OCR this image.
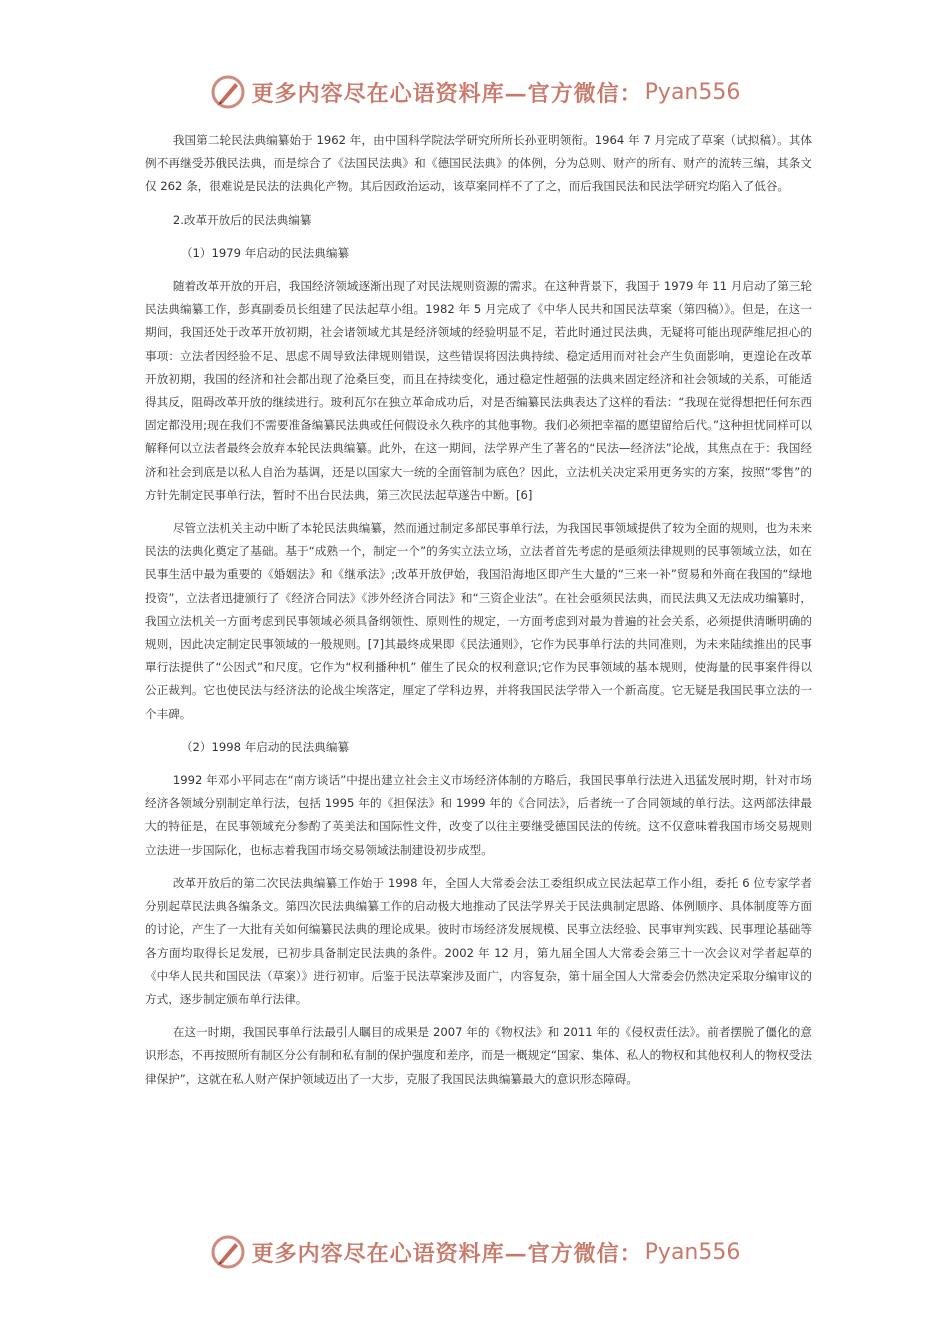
更多内容尽在心语资料库—官方微信： Pyan556

我国第二轮民法典编纂始于 1962 年，由中国科学院法学研究所所长孙亚明领衔。1964 年 7 月完成了草案（试拟稿）。其体例不再继受苏俄民法典，而是综合了《法国民法典》和《德国民法典》的体例，分为总则、财产的所有、财产的流转三编，其条文仅 262 条，很难说是民法的法典化产物。其后因政治运动，该草案同样不了了之，而后我国民法和民法学研究均陷入了低谷。

2.改革开放后的民法典编纂

（1）1979 年启动的民法典编纂

随着改革开放的开启，我国经济领域逐渐出现了对民法规则资源的需求。在这种背景下，我国于 1979 年 11 月启动了第三轮民法典编纂工作，彭真副委员长组建了民法起草小组。1982 年 5 月完成了《中华人民共和国民法草案（第四稿）》。但是，在这一期间，我国还处于改革开放初期，社会诸领域尤其是经济领域的经验明显不足，若此时通过民法典，无疑将可能出现萨维尼担心的事项：立法者因经验不足、思虑不周导致法律规则错误，这些错误将因法典持续、稳定适用而对社会产生负面影响，更遑论在改革开放初期，我国的经济和社会都出现了沧桑巨变，而且在持续变化，通过稳定性超强的法典来固定经济和社会领域的关系，可能适得其反，阻碍改革开放的继续进行。玻利瓦尔在独立革命成功后，对是否编纂民法典表达了这样的看法：“我现在觉得想把任何东西固定都没用;现在我们不需要准备编纂民法典或任何假设永久秩序的其他事物。我们必须把幸福的愿望留给后代。”这种担忧同样可以解释何以立法者最终会放弃本轮民法典编纂。此外，在这一期间，法学界产生了著名的“民法—经济法”论战，其焦点在于：我国经济和社会到底是以私人自治为基调，还是以国家大一统的全面管制为底色？因此，立法机关决定采用更务实的方案，按照“零售”的方针先制定民事单行法，暂时不出台民法典，第三次民法起草遂告中断。[6]

尽管立法机关主动中断了本轮民法典编纂，然而通过制定多部民事单行法，为我国民事领域提供了较为全面的规则，也为未来民法的法典化奠定了基础。基于“成熟一个，制定一个”的务实立法立场，立法者首先考虑的是亟须法律规则的民事领域立法，如在民事生活中最为重要的《婚姻法》和《继承法》;改革开放伊始，我国沿海地区即产生大量的“三来一补”贸易和外商在我国的“绿地投资”，立法者迅捷颁行了《经济合同法》《涉外经济合同法》和“三资企业法”。在社会亟须民法典，而民法典又无法成功编纂时，我国立法机关一方面考虑到民事领域必须具备纲领性、原则性的规定，一方面考虑到对最为普遍的社会关系，必须提供清晰明确的规则，因此决定制定民事领域的一般规则。[7]其最终成果即《民法通则》，它作为民事单行法的共同准则，为未来陆续推出的民事單行法提供了“公因式”和尺度。它作为“权利播种机” 催生了民众的权利意识;它作为民事领域的基本规则，使海量的民事案件得以公正裁判。它也使民法与经济法的论战尘埃落定，厘定了学科边界，并将我国民法学带入一个新高度。它无疑是我国民事立法的一个丰碑。

（2）1998 年启动的民法典编纂

1992 年邓小平同志在“南方谈话”中提出建立社会主义市场经济体制的方略后，我国民事单行法进入迅猛发展时期，针对市场经济各领域分别制定单行法，包括 1995 年的《担保法》和 1999 年的《合同法》，后者统一了合同领域的单行法。这两部法律最大的特征是，在民事领域充分参酌了英美法和国际性文件，改变了以往主要继受德国民法的传统。这不仅意味着我国市场交易规则立法进一步国际化，也标志着我国市场交易领域法制建设初步成型。

改革开放后的第二次民法典编纂工作始于 1998 年，全国人大常委会法工委组织成立民法起草工作小组，委托 6 位专家学者分别起草民法典各编条文。第四次民法典编纂工作的启动极大地推动了民法学界关于民法典制定思路、体例顺序、具体制度等方面的讨论，产生了一大批有关如何编纂民法典的理论成果。彼时市场经济发展规模、民事立法经验、民事审判实践、民事理论基础等各方面均取得长足发展，已初步具备制定民法典的条件。2002 年 12 月，第九届全国人大常委会第三十一次会议对学者起草的《中华人民共和国民法（草案）》进行初审。后鉴于民法草案涉及面广，内容复杂，第十届全国人大常委会仍然决定采取分编审议的方式，逐步制定颁布单行法律。

在这一时期，我国民事单行法最引人瞩目的成果是 2007 年的《物权法》和 2011 年的《侵权责任法》。前者摆脱了僵化的意识形态，不再按照所有制区分公有制和私有制的保护强度和差序，而是一概规定“国家、集体、私人的物权和其他权利人的物权受法律保护”，这就在私人财产保护领域迈出了一大步，克服了我国民法典编纂最大的意识形态障碍。

更多内容尽在心语资料库—官方微信： Pyan556
